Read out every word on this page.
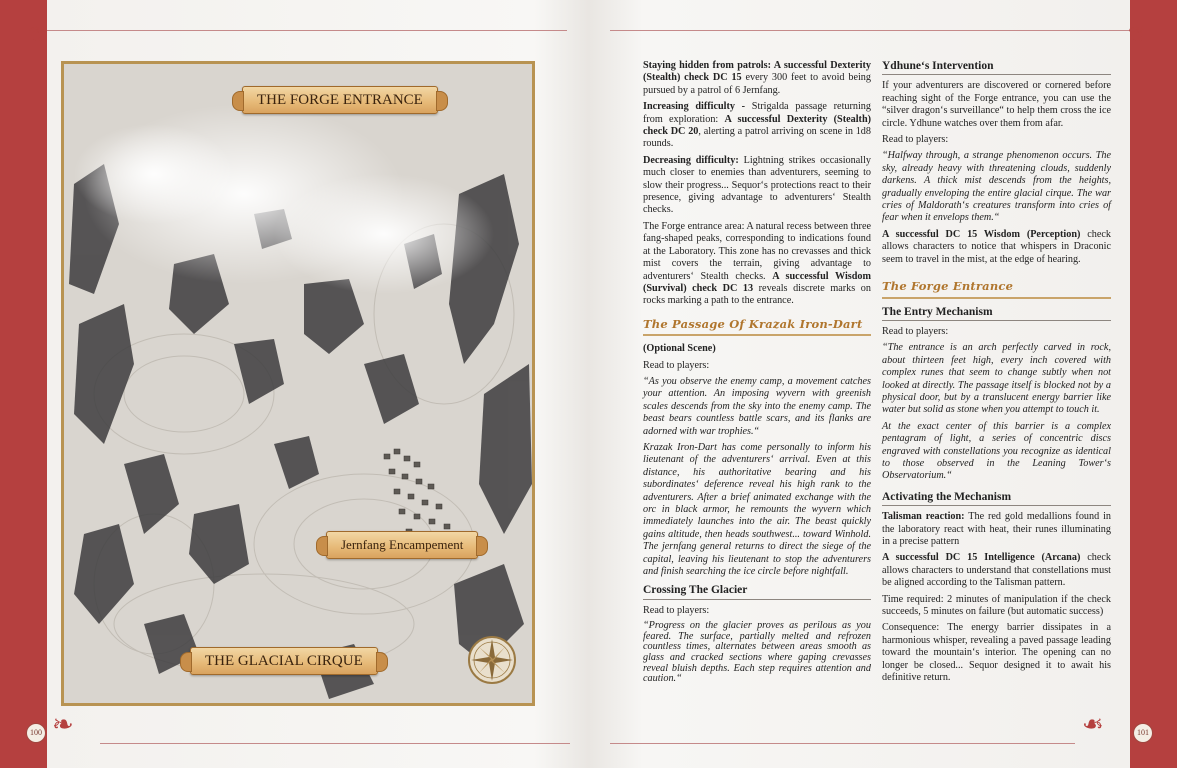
❦	❦
❧	❧
100	101
THE FORGE ENTRANCE
Jernfang Encampement
THE GLACIAL CIRQUE

Staying hidden from patrols: A successful Dexterity (Stealth) check DC 15 every 300 feet to avoid being pursued by a patrol of 6 Jernfang.

Increasing difficulty - Strigalda passage returning from exploration: A successful Dexterity (Stealth) check DC 20, alerting a patrol arriving on scene in 1d8 rounds.

Decreasing difficulty: Lightning strikes occasionally much closer to enemies than adventurers, seeming to slow their progress... Sequor‘s protections react to their presence, giving advantage to adventurers‘ Stealth checks.

The Forge entrance area: A natural recess between three fang-shaped peaks, corresponding to indications found at the Laboratory. This zone has no crevasses and thick mist covers the terrain, giving advantage to adventurers‘ Stealth checks. A successful Wisdom (Survival) check DC 13 reveals discrete marks on rocks marking a path to the entrance.

The Passage Of Krazak Iron-Dart

(Optional Scene)

Read to players:

“As you observe the enemy camp, a movement catches your attention. An imposing wyvern with greenish scales descends from the sky into the enemy camp. The beast bears countless battle scars, and its flanks are adorned with war trophies.“

Krazak Iron-Dart has come personally to inform his lieutenant of the adventurers‘ arrival. Even at this distance, his authoritative bearing and his subordinates‘ deference reveal his high rank to the adventurers. After a brief animated exchange with the orc in black armor, he remounts the wyvern which immediately launches into the air. The beast quickly gains altitude, then heads southwest... toward Winhold. The jernfang general returns to direct the siege of the capital, leaving his lieutenant to stop the adventurers and finish searching the ice circle before nightfall.

Crossing The Glacier

Read to players:

“Progress on the glacier proves as perilous as you feared. The surface, partially melted and refrozen countless times, alternates between areas smooth as glass and cracked sections where gaping crevasses reveal bluish depths. Each step requires attention and caution.“

Ydhune‘s Intervention

If your adventurers are discovered or cornered before reaching sight of the Forge entrance, you can use the “silver dragon‘s surveillance“ to help them cross the ice circle. Ydhune watches over them from afar.

Read to players:

“Halfway through, a strange phenomenon occurs. The sky, already heavy with threatening clouds, suddenly darkens. A thick mist descends from the heights, gradually enveloping the entire glacial cirque. The war cries of Maldorath‘s creatures transform into cries of fear when it envelops them.“

A successful DC 15 Wisdom (Perception) check allows characters to notice that whispers in Draconic seem to travel in the mist, at the edge of hearing.

The Forge Entrance
The Entry Mechanism

Read to players:

“The entrance is an arch perfectly carved in rock, about thirteen feet high, every inch covered with complex runes that seem to change subtly when not looked at directly. The passage itself is blocked not by a physical door, but by a translucent energy barrier like water but solid as stone when you attempt to touch it.

At the exact center of this barrier is a complex pentagram of light, a series of concentric discs engraved with constellations you recognize as identical to those observed in the Leaning Tower‘s Observatorium.“

Activating the Mechanism

Talisman reaction: The red gold medallions found in the laboratory react with heat, their runes illuminating in a precise pattern

A successful DC 15 Intelligence (Arcana) check allows characters to understand that constellations must be aligned according to the Talisman pattern.

Time required: 2 minutes of manipulation if the check succeeds, 5 minutes on failure (but automatic success)

Consequence: The energy barrier dissipates in a harmonious whisper, revealing a paved passage leading toward the mountain‘s interior. The opening can no longer be closed... Sequor designed it to await his definitive return.
